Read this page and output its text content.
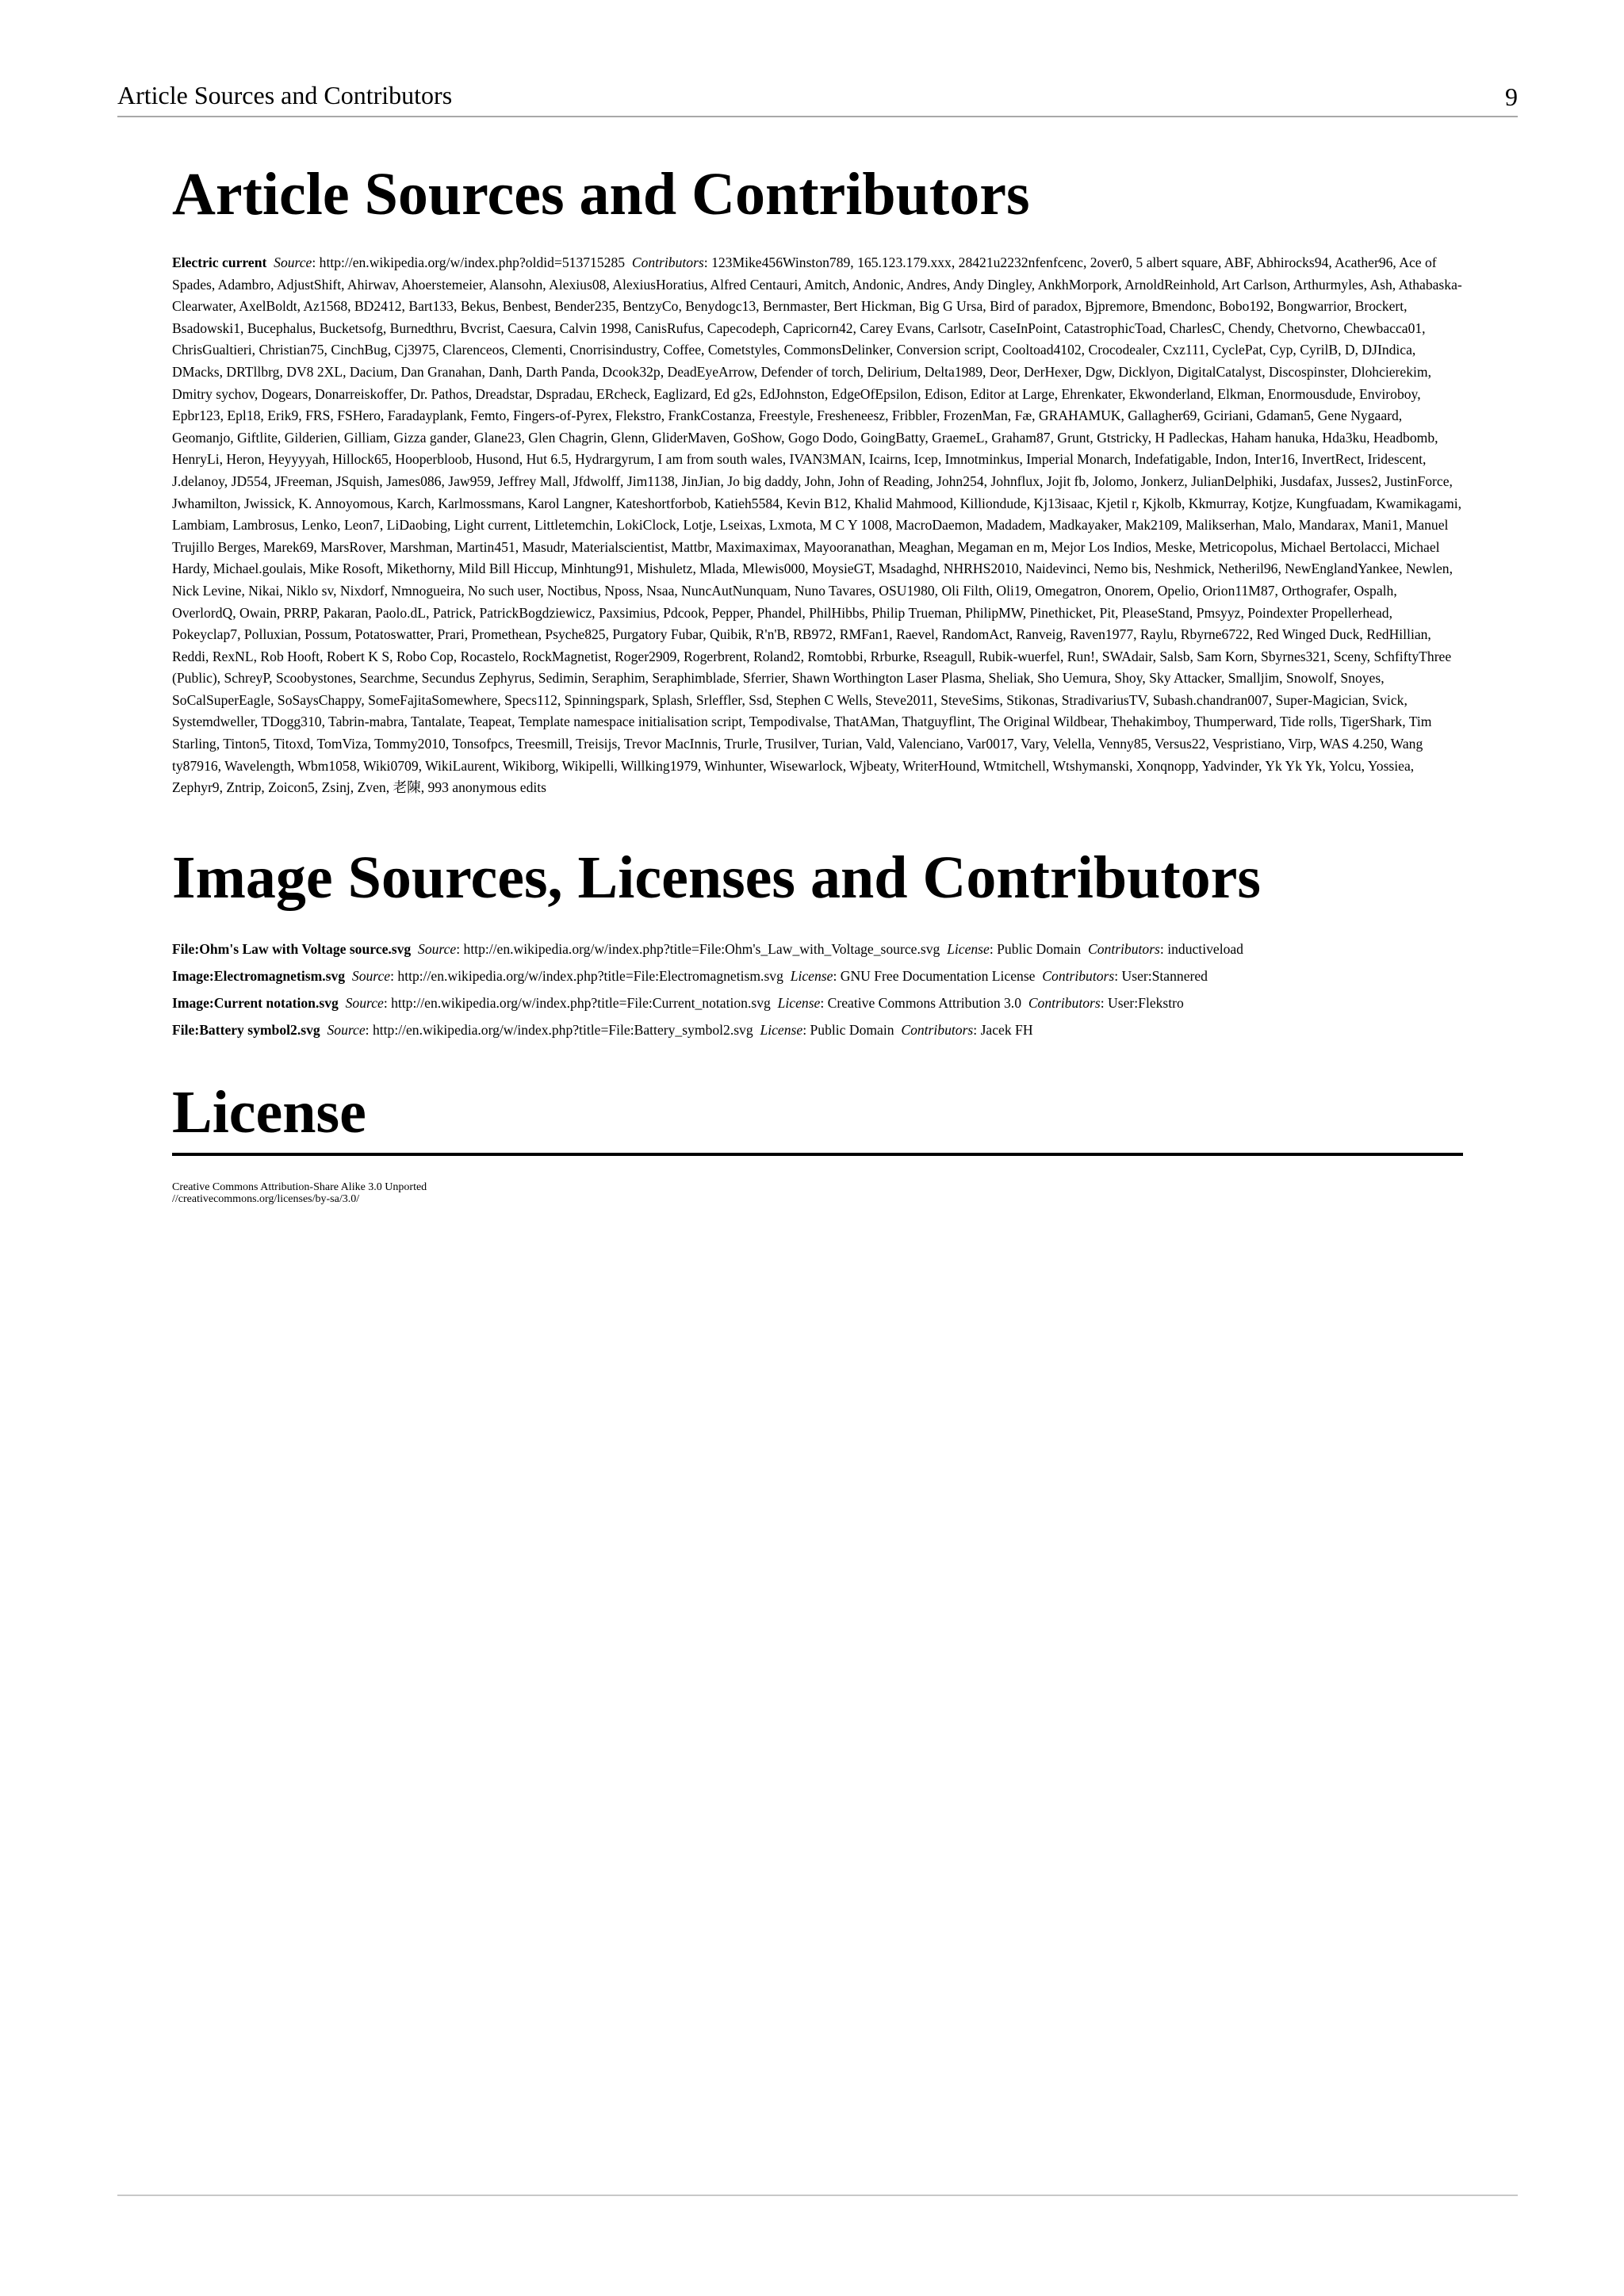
Article Sources and Contributors	9
Article Sources and Contributors
Electric current Source: http://en.wikipedia.org/w/index.php?oldid=513715285 Contributors: 123Mike456Winston789, 165.123.179.xxx, 28421u2232nfenfcenc, 2over0, 5 albert square, ABF, Abhirocks94, Acather96, Ace of Spades, Adambro, AdjustShift, Ahirwav, Ahoerstemeier, Alansohn, Alexius08, AlexiusHoratius, Alfred Centauri, Amitch, Andonic, Andres, Andy Dingley, AnkhMorpork, ArnoldReinhold, Art Carlson, Arthurmyles, Ash, Athabaska-Clearwater, AxelBoldt, Az1568, BD2412, Bart133, Bekus, Benbest, Bender235, BentzyCo, Benydogc13, Bernmaster, Bert Hickman, Big G Ursa, Bird of paradox, Bjpremore, Bmendonc, Bobo192, Bongwarrior, Brockert, Bsadowski1, Bucephalus, Bucketsofg, Burnedthru, Bvcrist, Caesura, Calvin 1998, CanisRufus, Capecodeph, Capricorn42, Carey Evans, Carlsotr, CaseInPoint, CatastrophicToad, CharlesC, Chendy, Chetvorno, Chewbacca01, ChrisGualtieri, Christian75, CinchBug, Cj3975, Clarenceos, Clementi, Cnorrisindustry, Coffee, Cometstyles, CommonsDelinker, Conversion script, Cooltoad4102, Crocodealer, Cxz111, CyclePat, Cyp, CyrilB, D, DJIndica, DMacks, DRTllbrg, DV8 2XL, Dacium, Dan Granahan, Danh, Darth Panda, Dcook32p, DeadEyeArrow, Defender of torch, Delirium, Delta1989, Deor, DerHexer, Dgw, Dicklyon, DigitalCatalyst, Discospinster, Dlohcierekim, Dmitry sychov, Dogears, Donarreiskoffer, Dr. Pathos, Dreadstar, Dspradau, ERcheck, Eaglizard, Ed g2s, EdJohnston, EdgeOfEpsilon, Edison, Editor at Large, Ehrenkater, Ekwonderland, Elkman, Enormousdude, Enviroboy, Epbr123, Epl18, Erik9, FRS, FSHero, Faradayplank, Femto, Fingers-of-Pyrex, Flekstro, FrankCostanza, Freestyle, Fresheneesz, Fribbler, FrozenMan, Fæ, GRAHAMUK, Gallagher69, Gciriani, Gdaman5, Gene Nygaard, Geomanjo, Giftlite, Gilderien, Gilliam, Gizza gander, Glane23, Glen Chagrin, Glenn, GliderMaven, GoShow, Gogo Dodo, GoingBatty, GraemeL, Graham87, Grunt, Gtstricky, H Padleckas, Haham hanuka, Hda3ku, Headbomb, HenryLi, Heron, Heyyyyah, Hillock65, Hooperbloob, Husond, Hut 6.5, Hydrargyrum, I am from south wales, IVAN3MAN, Icairns, Icep, Imnotminkus, Imperial Monarch, Indefatigable, Indon, Inter16, InvertRect, Iridescent, J.delanoy, JD554, JFreeman, JSquish, James086, Jaw959, Jeffrey Mall, Jfdwolff, Jim1138, JinJian, Jo big daddy, John, John of Reading, John254, Johnflux, Jojit fb, Jolomo, Jonkerz, JulianDelphiki, Jusdafax, Jusses2, JustinForce, Jwhamilton, Jwissick, K. Annoyomous, Karch, Karlmossmans, Karol Langner, Kateshortforbob, Katieh5584, Kevin B12, Khalid Mahmood, Killiondude, Kj13isaac, Kjetil r, Kjkolb, Kkmurray, Kotjze, Kungfuadam, Kwamikagami, Lambiam, Lambrosus, Lenko, Leon7, LiDaobing, Light current, Littletemchin, LokiClock, Lotje, Lseixas, Lxmota, M C Y 1008, MacroDaemon, Madadem, Madkayaker, Mak2109, Malikserhan, Malo, Mandarax, Mani1, Manuel Trujillo Berges, Marek69, MarsRover, Marshman, Martin451, Masudr, Materialscientist, Mattbr, Maximaximax, Mayooranathan, Meaghan, Megaman en m, Mejor Los Indios, Meske, Metricopolus, Michael Bertolacci, Michael Hardy, Michael.goulais, Mike Rosoft, Mikethorny, Mild Bill Hiccup, Minhtung91, Mishuletz, Mlada, Mlewis000, MoysieGT, Msadaghd, NHRHS2010, Naidevinci, Nemo bis, Neshmick, Netheril96, NewEnglandYankee, Newlen, Nick Levine, Nikai, Niklo sv, Nixdorf, Nmnogueira, No such user, Noctibus, Nposs, Nsaa, NuncAutNunquam, Nuno Tavares, OSU1980, Oli Filth, Oli19, Omegatron, Onorem, Opelio, Orion11M87, Orthografer, Ospalh, OverlordQ, Owain, PRRP, Pakaran, Paolo.dL, Patrick, PatrickBogdziewicz, Paxsimius, Pdcook, Pepper, Phandel, PhilHibbs, Philip Trueman, PhilipMW, Pinethicket, Pit, PleaseStand, Pmsyyz, Poindexter Propellerhead, Pokeyclap7, Polluxian, Possum, Potatoswatter, Prari, Promethean, Psyche825, Purgatory Fubar, Quibik, R'n'B, RB972, RMFan1, Raevel, RandomAct, Ranveig, Raven1977, Raylu, Rbyrne6722, Red Winged Duck, RedHillian, Reddi, RexNL, Rob Hooft, Robert K S, Robo Cop, Rocastelo, RockMagnetist, Roger2909, Rogerbrent, Roland2, Romtobbi, Rrburke, Rseagull, Rubik-wuerfel, Run!, SWAdair, Salsb, Sam Korn, Sbyrnes321, Sceny, SchfiftyThree (Public), SchreyP, Scoobystones, Searchme, Secundus Zephyrus, Sedimin, Seraphim, Seraphimblade, Sferrier, Shawn Worthington Laser Plasma, Sheliak, Sho Uemura, Shoy, Sky Attacker, Smalljim, Snowolf, Snoyes, SoCalSuperEagle, SoSaysChappy, SomeFajitaSomewhere, Specs112, Spinningspark, Splash, Srleffler, Ssd, Stephen C Wells, Steve2011, SteveSims, Stikonas, StradivariusTV, Subash.chandran007, Super-Magician, Svick, Systemdweller, TDogg310, Tabrin-mabra, Tantalate, Teapeat, Template namespace initialisation script, Tempodivalse, ThatAMan, Thatguyflint, The Original Wildbear, Thehakimboy, Thumperward, Tide rolls, TigerShark, Tim Starling, Tinton5, Titoxd, TomViza, Tommy2010, Tonsofpcs, Treesmill, Treisijs, Trevor MacInnis, Trurle, Trusilver, Turian, Vald, Valenciano, Var0017, Vary, Velella, Venny85, Versus22, Vespristiano, Virp, WAS 4.250, Wang ty87916, Wavelength, Wbm1058, Wiki0709, WikiLaurent, Wikiborg, Wikipelli, Willking1979, Winhunter, Wisewarlock, Wjbeaty, WriterHound, Wtmitchell, Wtshymanski, Xonqnopp, Yadvinder, Yk Yk Yk, Yolcu, Yossiea, Zephyr9, Zntrip, Zoicon5, Zsinj, Zven, 老陳, 993 anonymous edits
Image Sources, Licenses and Contributors
File:Ohm's Law with Voltage source.svg Source: http://en.wikipedia.org/w/index.php?title=File:Ohm's_Law_with_Voltage_source.svg License: Public Domain Contributors: inductiveload
Image:Electromagnetism.svg Source: http://en.wikipedia.org/w/index.php?title=File:Electromagnetism.svg License: GNU Free Documentation License Contributors: User:Stannered
Image:Current notation.svg Source: http://en.wikipedia.org/w/index.php?title=File:Current_notation.svg License: Creative Commons Attribution 3.0 Contributors: User:Flekstro
File:Battery symbol2.svg Source: http://en.wikipedia.org/w/index.php?title=File:Battery_symbol2.svg License: Public Domain Contributors: Jacek FH
License
Creative Commons Attribution-Share Alike 3.0 Unported
//creativecommons.org/licenses/by-sa/3.0/
